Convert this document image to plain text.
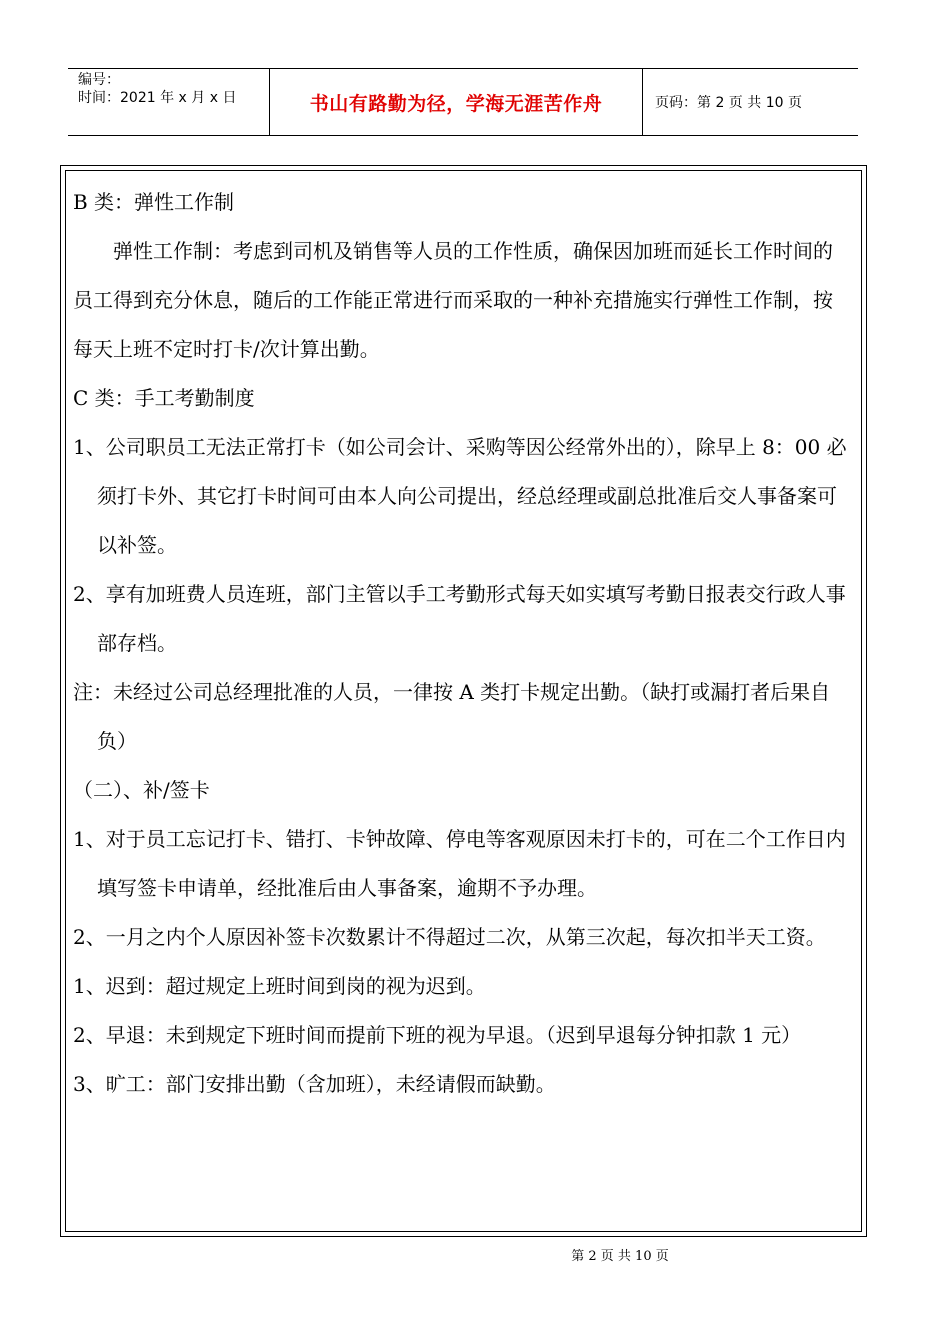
编号：
时间：2021 年 x 月 x 日	书山有路勤为径，学海无涯苦作舟	页码：第 2 页 共 10 页

B 类：弹性工作制

弹性工作制：考虑到司机及销售等人员的工作性质，确保因加班而延长工作时间的员工得到充分休息，随后的工作能正常进行而采取的一种补充措施实行弹性工作制，按每天上班不定时打卡/次计算出勤。

C 类：手工考勤制度

1、公司职员工无法正常打卡（如公司会计、采购等因公经常外出的），除早上 8：00 必须打卡外、其它打卡时间可由本人向公司提出，经总经理或副总批准后交人事备案可以补签。

2、享有加班费人员连班，部门主管以手工考勤形式每天如实填写考勤日报表交行政人事部存档。

注：未经过公司总经理批准的人员，一律按 A 类打卡规定出勤。（缺打或漏打者后果自负）

（二）、补/签卡

1、对于员工忘记打卡、错打、卡钟故障、停电等客观原因未打卡的，可在二个工作日内填写签卡申请单，经批准后由人事备案，逾期不予办理。

2、一月之内个人原因补签卡次数累计不得超过二次，从第三次起，每次扣半天工资。

1、迟到：超过规定上班时间到岗的视为迟到。

2、早退：未到规定下班时间而提前下班的视为早退。（迟到早退每分钟扣款 1 元）

3、旷工：部门安排出勤（含加班），未经请假而缺勤。

第 2 页 共 10 页
